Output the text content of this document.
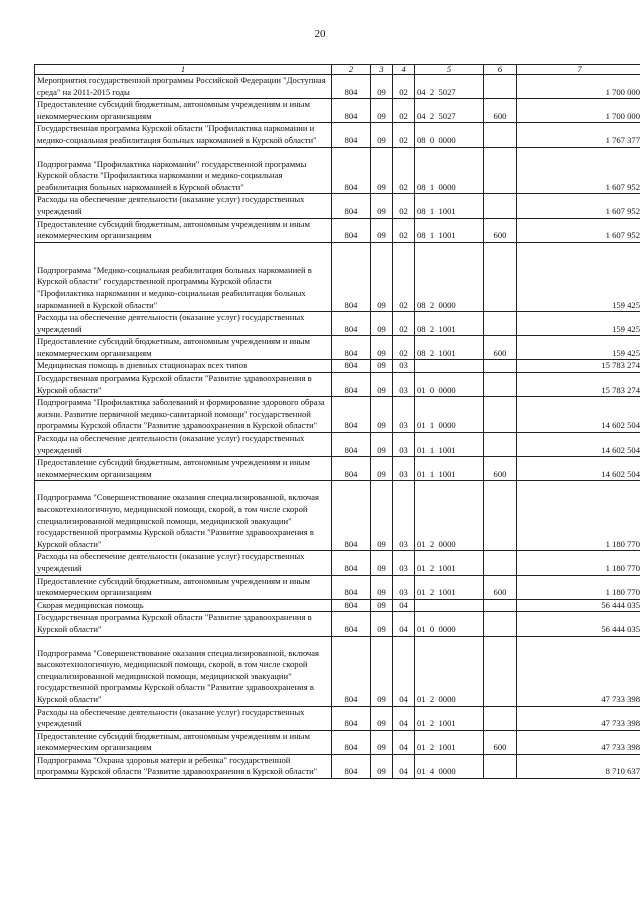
20
1	2	3	4	5	6	7
Мероприятия государственной программы Российской Федерации "Доступная среда" на 2011-2015 годы	804	09	02	04  2  5027		1 700 000
Предоставление субсидий бюджетным, автономным учреждениям и иным некоммерческим организациям	804	09	02	04  2  5027	600	1 700 000
Государственная программа Курской области "Профилактика наркомании и медико-социальная реабилитация больных наркоманией в Курской области"	804	09	02	08  0  0000		1 767 377

Подпрограмма "Профилактика наркомании" государственной программы Курской области "Профилактика наркомании и медико-социальная реабилитация больных наркоманией в Курской области"	804	09	02	08  1  0000		1 607 952
Расходы на обеспечение деятельности (оказание услуг) государственных учреждений	804	09	02	08  1  1001		1 607 952
Предоставление субсидий бюджетным, автономным учреждениям и иным некоммерческим организациям	804	09	02	08  1  1001	600	1 607 952

Подпрограмма "Медико-социальная реабилитация больных наркоманией в Курской области" государственной программы Курской области "Профилактика наркомании и медико-социальная реабилитация больных наркоманией в Курской области"	804	09	02	08  2  0000		159 425
Расходы на обеспечение деятельности (оказание услуг) государственных учреждений	804	09	02	08  2  1001		159 425
Предоставление субсидий бюджетным, автономным учреждениям и иным некоммерческим организациям	804	09	02	08  2  1001	600	159 425
Медицинская помощь в дневных стационарах всех типов	804	09	03			15 783 274
Государственная программа Курской области "Развитие здравоохранения в Курской области"	804	09	03	01  0  0000		15 783 274
Подпрограмма "Профилактика заболеваний и формирование здорового образа жизни. Развитие первичной медико-санитарной помощи" государственной программы Курской области "Развитие здравоохранения в Курской области"	804	09	03	01  1  0000		14 602 504
Расходы на обеспечение деятельности (оказание услуг) государственных учреждений	804	09	03	01  1  1001		14 602 504
Предоставление субсидий бюджетным, автономным учреждениям и иным некоммерческим организациям	804	09	03	01  1  1001	600	14 602 504

Подпрограмма "Совершенствование оказания специализированной, включая высокотехнологичную, медицинской помощи, скорой, в том числе скорой специализированной медицинской помощи, медицинской эвакуации" государственной программы Курской области "Развитие здравоохранения в Курской области"	804	09	03	01  2  0000		1 180 770
Расходы на обеспечение деятельности (оказание услуг) государственных учреждений	804	09	03	01  2  1001		1 180 770
Предоставление субсидий бюджетным, автономным учреждениям и иным некоммерческим организациям	804	09	03	01  2  1001	600	1 180 770
Скорая медицинская помощь	804	09	04			56 444 035
Государственная программа Курской области "Развитие здравоохранения в Курской области"	804	09	04	01  0  0000		56 444 035

Подпрограмма "Совершенствование оказания специализированной, включая высокотехнологичную, медицинской помощи, скорой, в том числе скорой специализированной медицинской помощи, медицинской эвакуации" государственной программы Курской области "Развитие здравоохранения в Курской области"	804	09	04	01  2  0000		47 733 398
Расходы на обеспечение деятельности (оказание услуг) государственных учреждений	804	09	04	01  2  1001		47 733 398
Предоставление субсидий бюджетным, автономным учреждениям и иным некоммерческим организациям	804	09	04	01  2  1001	600	47 733 398
Подпрограмма "Охрана здоровья матери и ребенка" государственной программы Курской области "Развитие здравоохранения в Курской области"	804	09	04	01  4  0000		8 710 637
